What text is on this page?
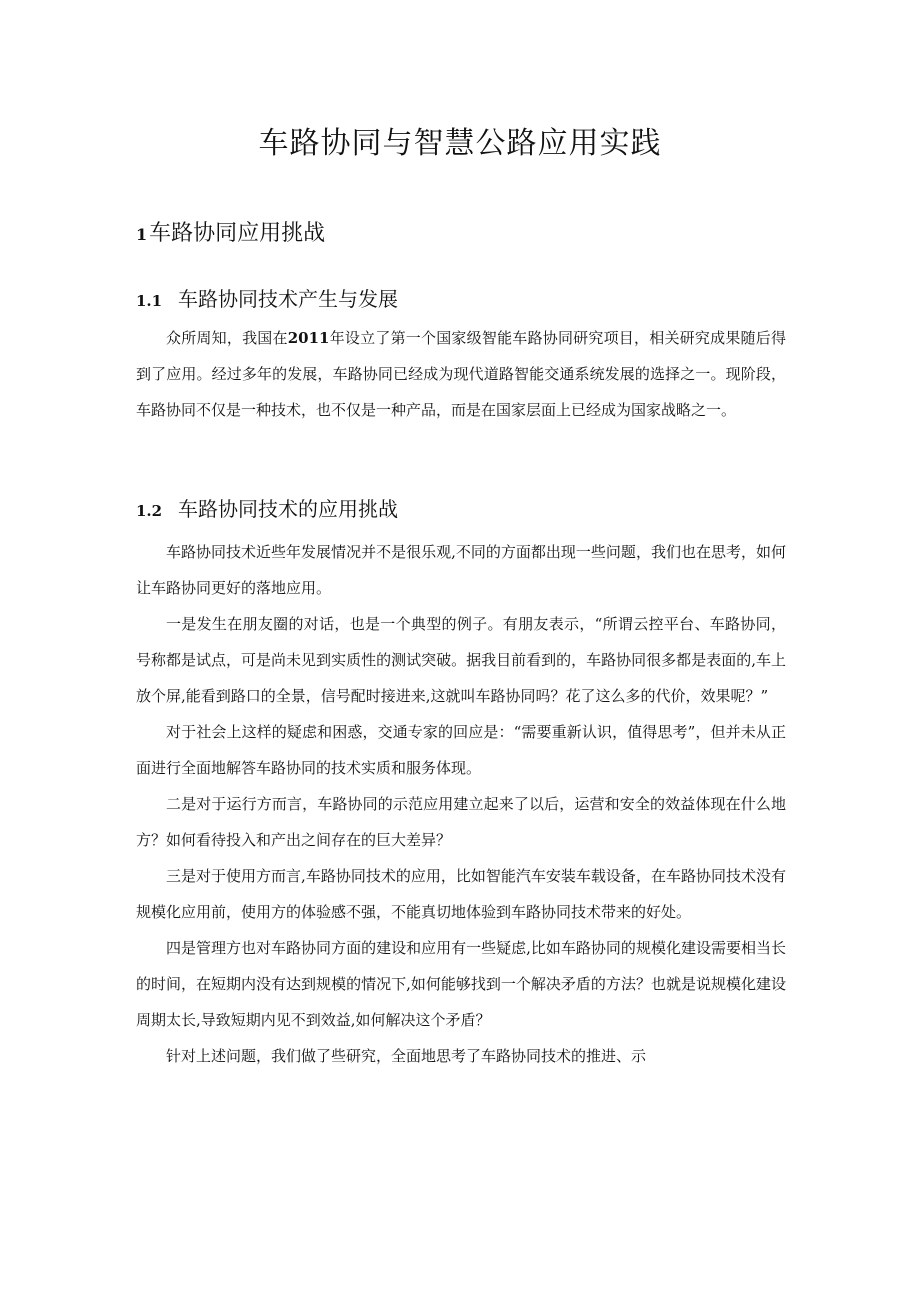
车路协同与智慧公路应用实践
1车路协同应用挑战
1.1 车路协同技术产生与发展

众所周知，我国在2011年设立了第一个国家级智能车路协同研究项目，相关研究成果随后得到了应用。经过多年的发展，车路协同已经成为现代道路智能交通系统发展的选择之一。现阶段，车路协同不仅是一种技术，也不仅是一种产品，而是在国家层面上已经成为国家战略之一。

1.2 车路协同技术的应用挑战

车路协同技术近些年发展情况并不是很乐观,不同的方面都出现一些问题，我们也在思考，如何让车路协同更好的落地应用。

一是发生在朋友圈的对话，也是一个典型的例子。有朋友表示，“所谓云控平台、车路协同，号称都是试点，可是尚未见到实质性的测试突破。据我目前看到的，车路协同很多都是表面的,车上放个屏,能看到路口的全景，信号配时接进来,这就叫车路协同吗？花了这么多的代价，效果呢？”

对于社会上这样的疑虑和困惑，交通专家的回应是：“需要重新认识，值得思考”，但并未从正面进行全面地解答车路协同的技术实质和服务体现。

二是对于运行方而言，车路协同的示范应用建立起来了以后，运营和安全的效益体现在什么地方？如何看待投入和产出之间存在的巨大差异？

三是对于使用方而言,车路协同技术的应用，比如智能汽车安装车载设备，在车路协同技术没有规模化应用前，使用方的体验感不强，不能真切地体验到车路协同技术带来的好处。

四是管理方也对车路协同方面的建设和应用有一些疑虑,比如车路协同的规模化建设需要相当长的时间，在短期内没有达到规模的情况下,如何能够找到一个解决矛盾的方法？也就是说规模化建设周期太长,导致短期内见不到效益,如何解决这个矛盾？

针对上述问题，我们做了些研究，全面地思考了车路协同技术的推进、示
